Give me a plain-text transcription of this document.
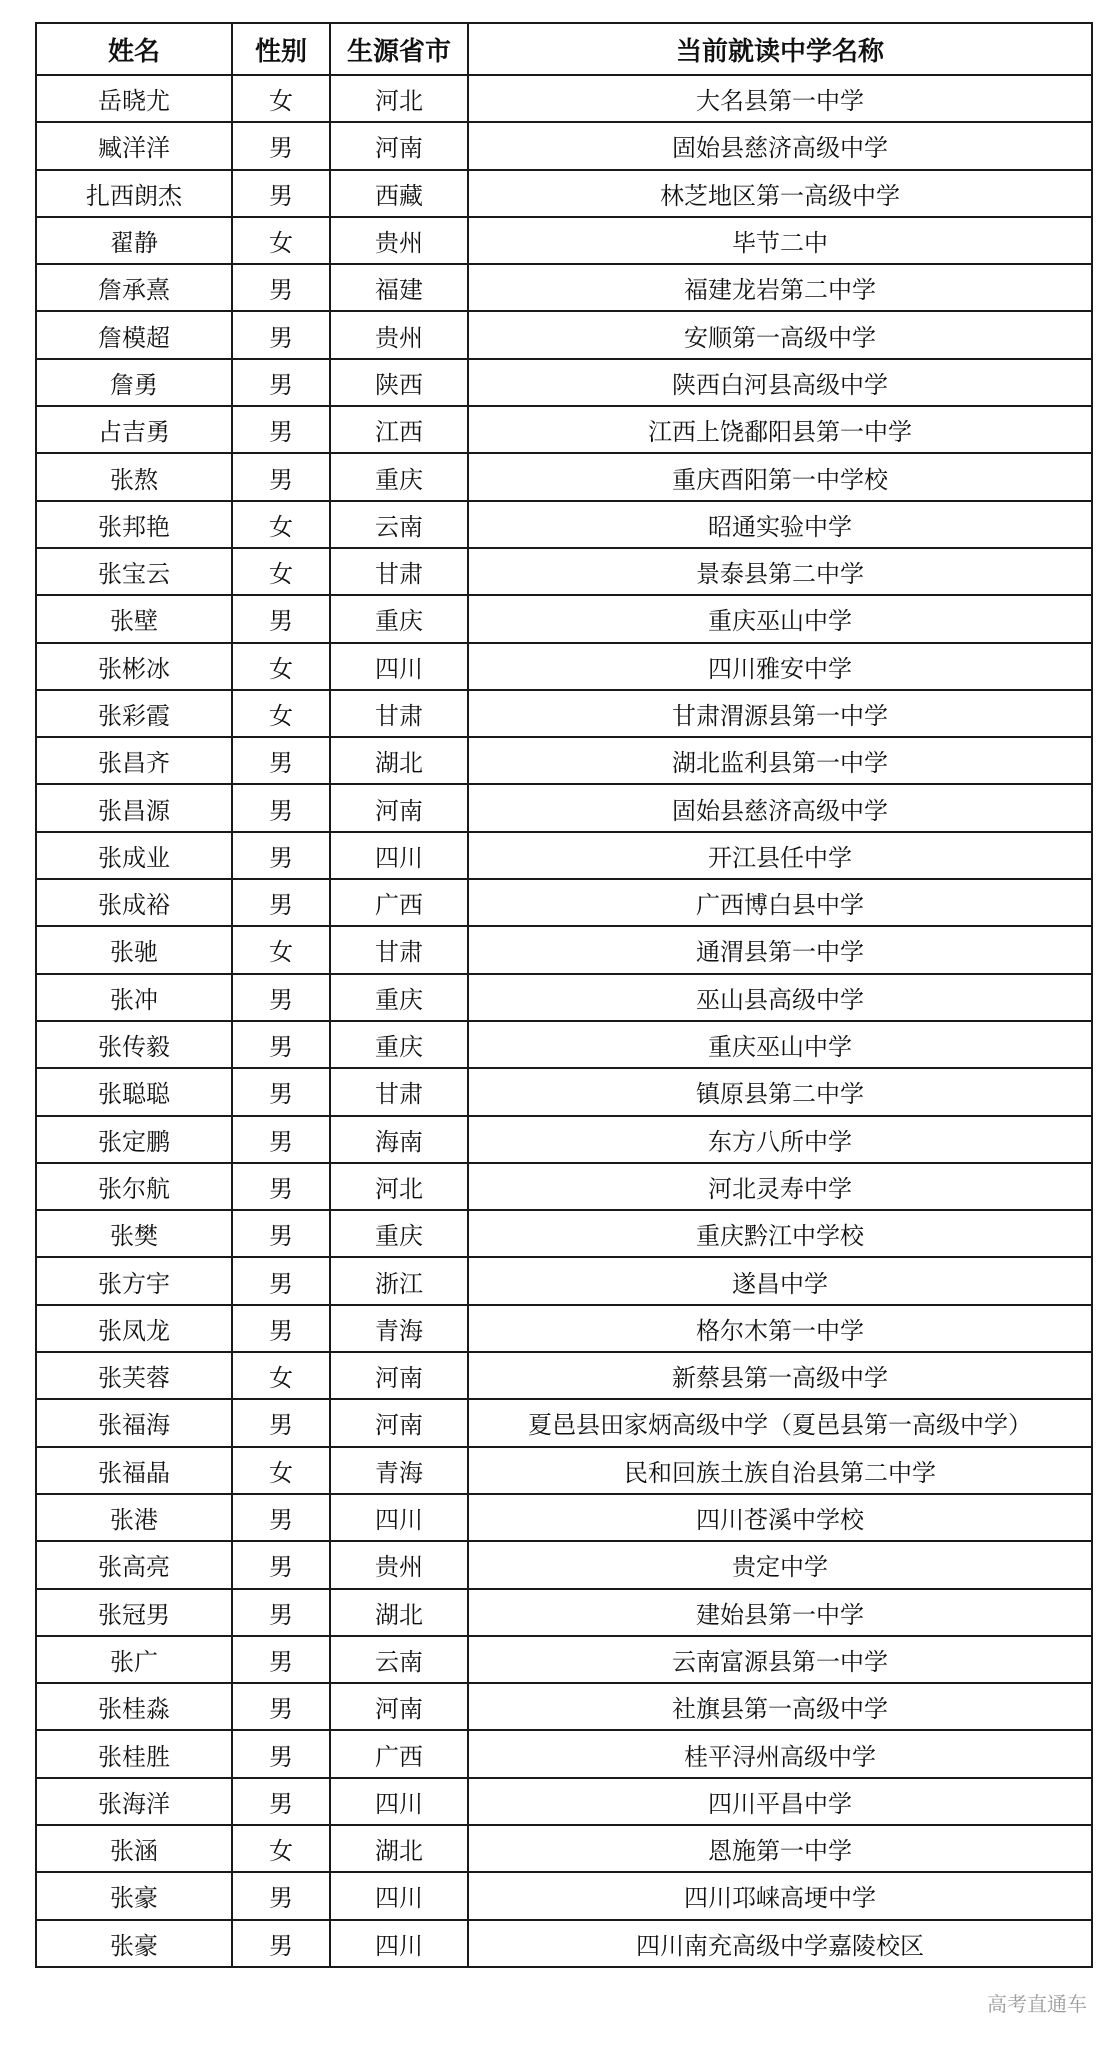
姓名	性别	生源省市	当前就读中学名称
岳晓尤	女	河北	大名县第一中学
臧洋洋	男	河南	固始县慈济高级中学
扎西朗杰	男	西藏	林芝地区第一高级中学
翟静	女	贵州	毕节二中
詹承熹	男	福建	福建龙岩第二中学
詹模超	男	贵州	安顺第一高级中学
詹勇	男	陕西	陕西白河县高级中学
占吉勇	男	江西	江西上饶鄱阳县第一中学
张熬	男	重庆	重庆酉阳第一中学校
张邦艳	女	云南	昭通实验中学
张宝云	女	甘肃	景泰县第二中学
张壁	男	重庆	重庆巫山中学
张彬冰	女	四川	四川雅安中学
张彩霞	女	甘肃	甘肃渭源县第一中学
张昌齐	男	湖北	湖北监利县第一中学
张昌源	男	河南	固始县慈济高级中学
张成业	男	四川	开江县任中学
张成裕	男	广西	广西博白县中学
张驰	女	甘肃	通渭县第一中学
张冲	男	重庆	巫山县高级中学
张传毅	男	重庆	重庆巫山中学
张聪聪	男	甘肃	镇原县第二中学
张定鹏	男	海南	东方八所中学
张尔航	男	河北	河北灵寿中学
张樊	男	重庆	重庆黔江中学校
张方宇	男	浙江	遂昌中学
张凤龙	男	青海	格尔木第一中学
张芙蓉	女	河南	新蔡县第一高级中学
张福海	男	河南	夏邑县田家炳高级中学（夏邑县第一高级中学）
张福晶	女	青海	民和回族土族自治县第二中学
张港	男	四川	四川苍溪中学校
张高亮	男	贵州	贵定中学
张冠男	男	湖北	建始县第一中学
张广	男	云南	云南富源县第一中学
张桂淼	男	河南	社旗县第一高级中学
张桂胜	男	广西	桂平浔州高级中学
张海洋	男	四川	四川平昌中学
张涵	女	湖北	恩施第一中学
张豪	男	四川	四川邛崃高埂中学
张豪	男	四川	四川南充高级中学嘉陵校区
高考直通车
